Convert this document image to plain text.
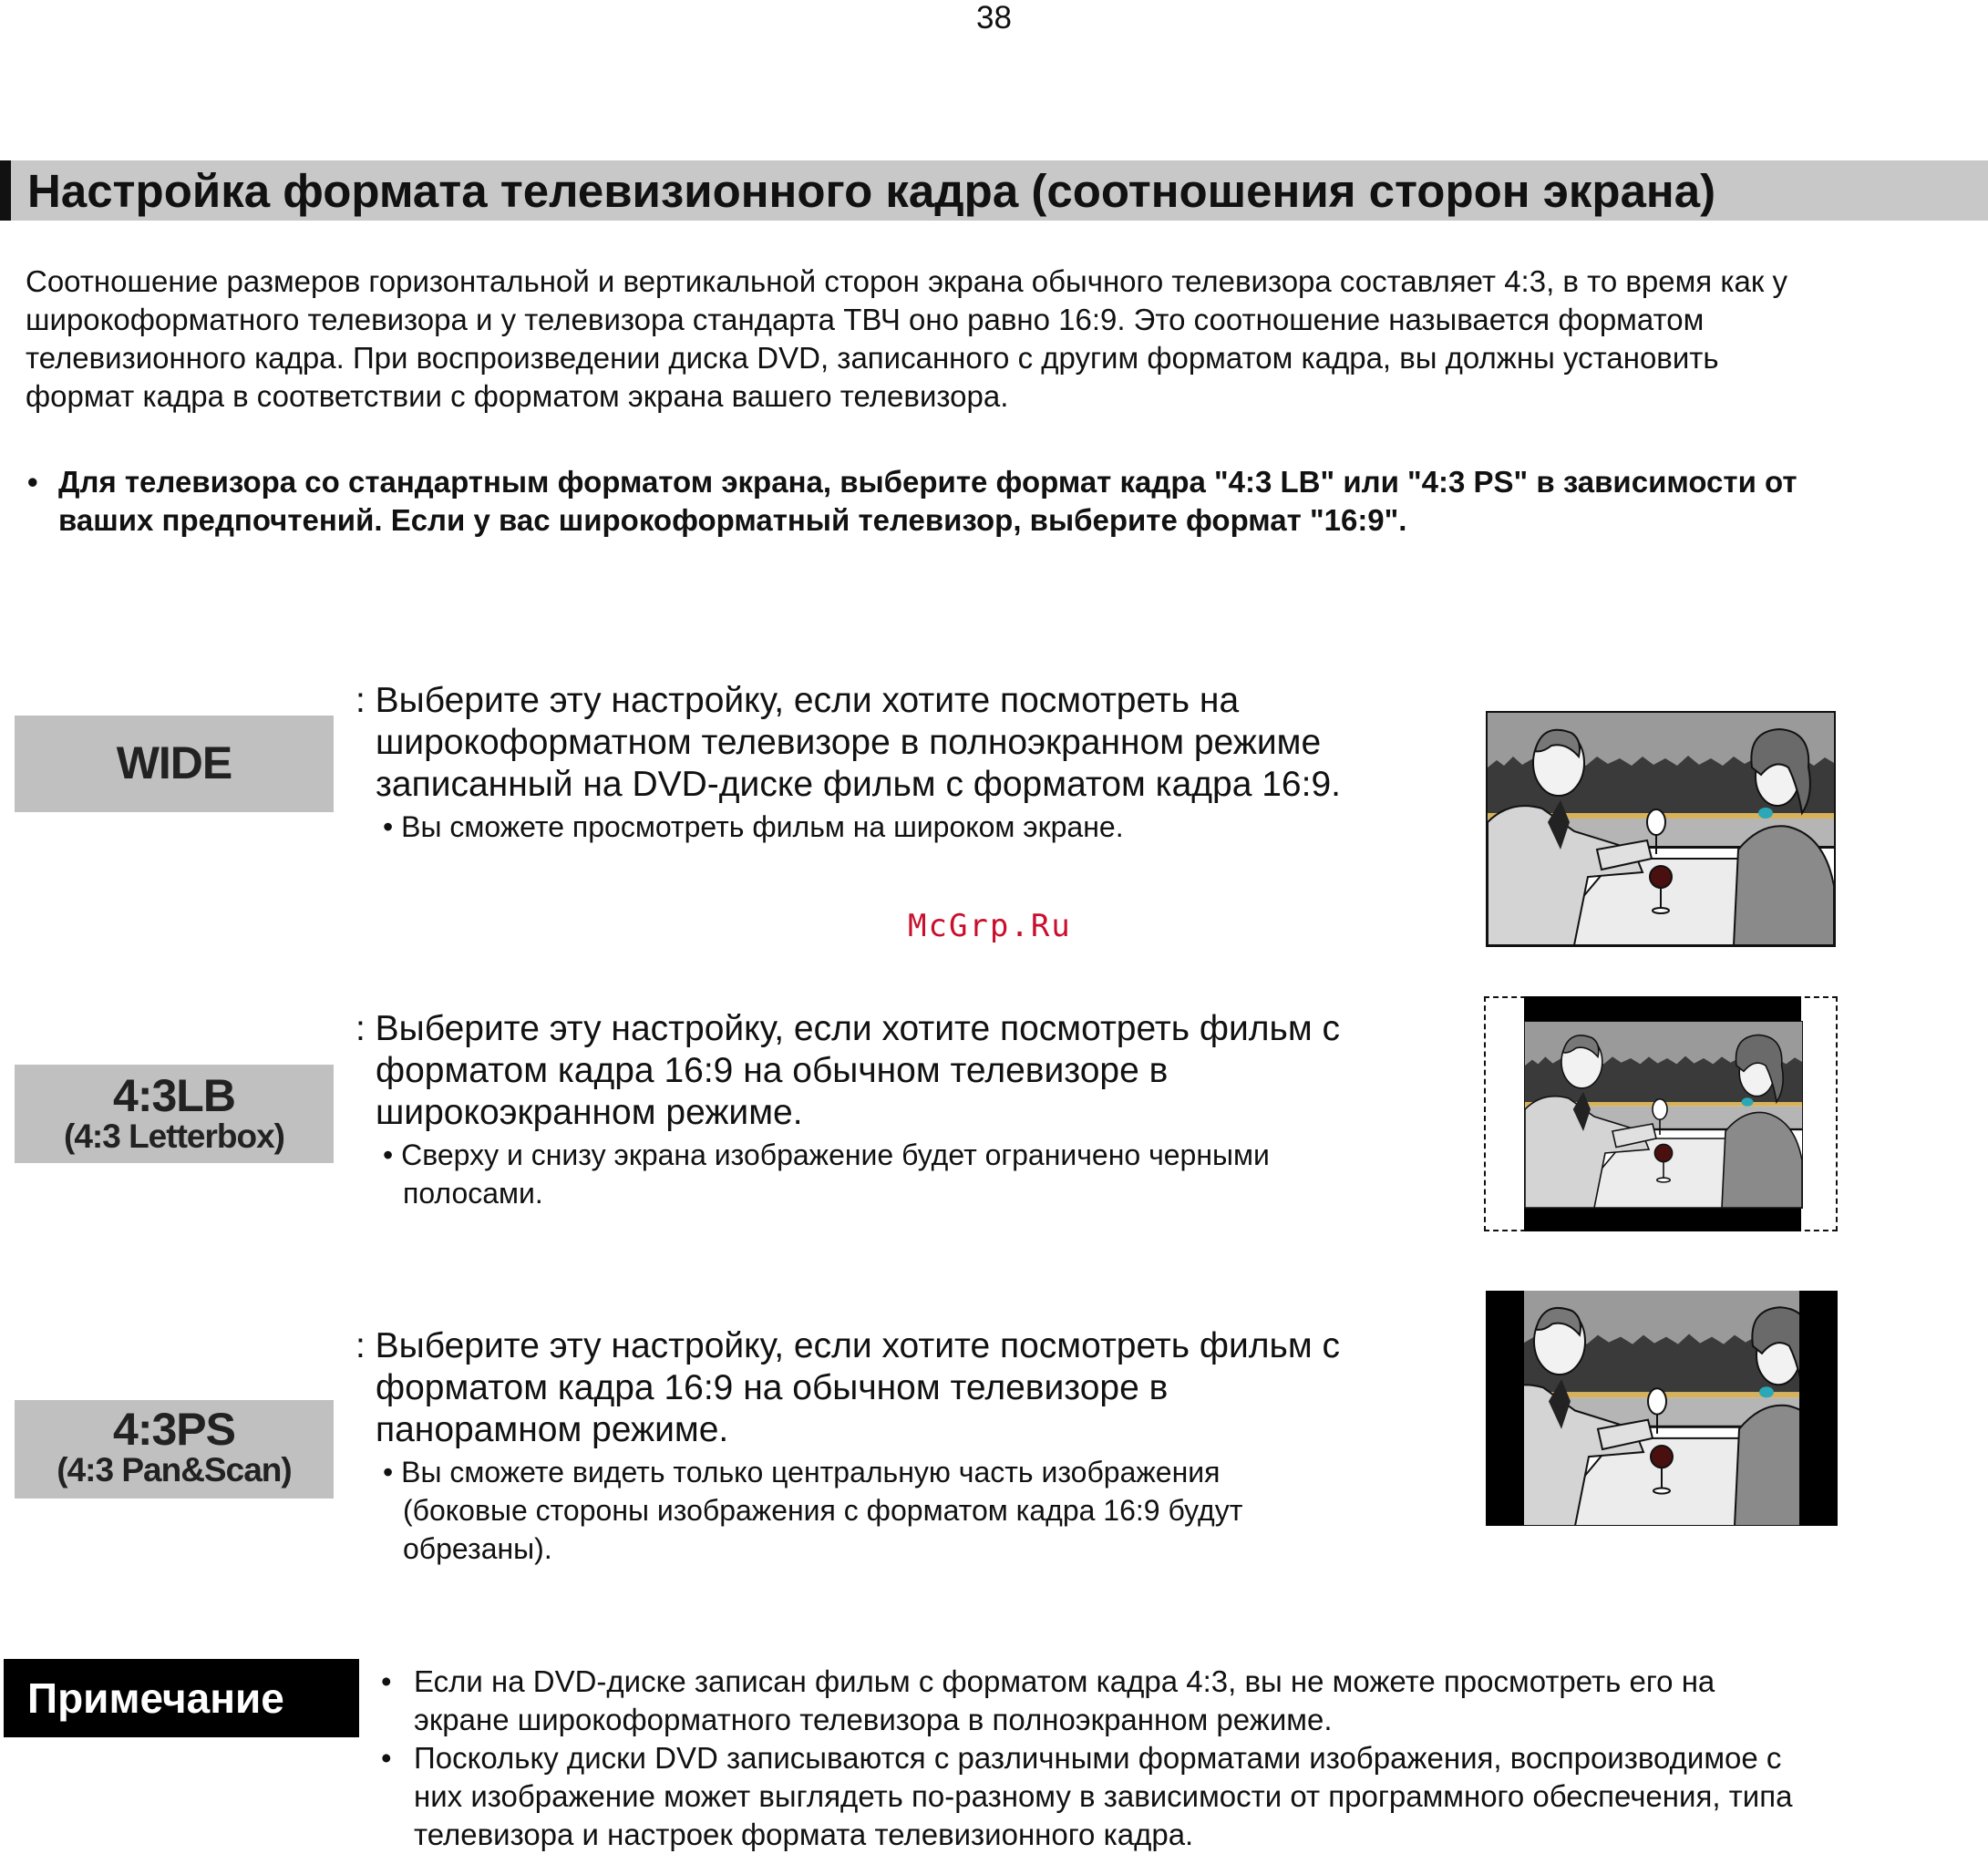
38
Настройка формата телевизионного кадра (соотношения сторон экрана)
Соотношение размеров горизонтальной и вертикальной сторон экрана обычного телевизора составляет 4:3, в то время как у
широкоформатного телевизора и у телевизора стандарта ТВЧ оно равно 16:9. Это соотношение называется форматом
телевизионного кадра. При воспроизведении диска DVD, записанного с другим форматом кадра, вы должны установить
формат кадра в соответствии с форматом экрана вашего телевизора.
• Для телевизора со стандартным форматом экрана, выберите формат кадра "4:3 LB" или "4:3 PS" в зависимости от
ваших предпочтений. Если у вас широкоформатный телевизор, выберите формат "16:9".
WIDE
: Выберите эту настройку, если хотите посмотреть на
широкоформатном телевизоре в полноэкранном режиме
записанный на DVD-диске фильм с форматом кадра 16:9.
• Вы сможете просмотреть фильм на широком экране.
McGrp.Ru
4:3LB
(4:3 Letterbox)
: Выберите эту настройку, если хотите посмотреть фильм с
форматом кадра 16:9 на обычном телевизоре в
широкоэкранном режиме.
• Сверху и снизу экрана изображение будет ограничено черными
полосами.
4:3PS
(4:3 Pan&Scan)
: Выберите эту настройку, если хотите посмотреть фильм с
форматом кадра 16:9 на обычном телевизоре в
панорамном режиме.
• Вы сможете видеть только центральную часть изображения
(боковые стороны изображения с форматом кадра 16:9 будут
обрезаны).
Примечание	• Если на DVD-диске записан фильм с форматом кадра 4:3, вы не можете просмотреть его на
экране широкоформатного телевизора в полноэкранном режиме.
• Поскольку диски DVD записываются с различными форматами изображения, воспроизводимое с
них изображение может выглядеть по-разному в зависимости от программного обеспечения, типа
телевизора и настроек формата телевизионного кадра.
